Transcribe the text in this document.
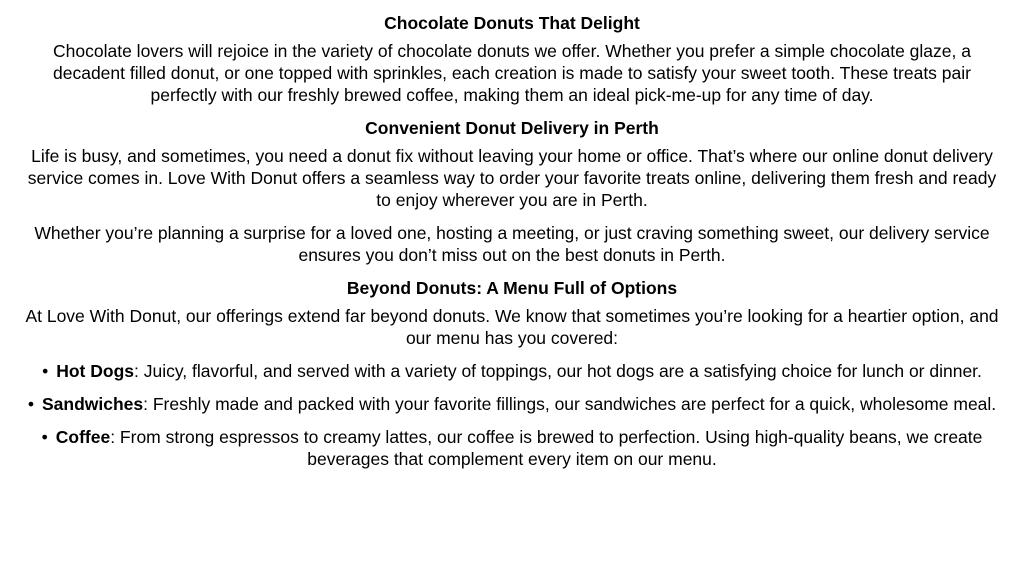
Chocolate Donuts That Delight
Chocolate lovers will rejoice in the variety of chocolate donuts we offer. Whether you prefer a simple chocolate glaze, a decadent filled donut, or one topped with sprinkles, each creation is made to satisfy your sweet tooth. These treats pair perfectly with our freshly brewed coffee, making them an ideal pick-me-up for any time of day.
Convenient Donut Delivery in Perth
Life is busy, and sometimes, you need a donut fix without leaving your home or office. That’s where our online donut delivery service comes in. Love With Donut offers a seamless way to order your favorite treats online, delivering them fresh and ready to enjoy wherever you are in Perth.
Whether you’re planning a surprise for a loved one, hosting a meeting, or just craving something sweet, our delivery service ensures you don’t miss out on the best donuts in Perth.
Beyond Donuts: A Menu Full of Options
At Love With Donut, our offerings extend far beyond donuts. We know that sometimes you’re looking for a heartier option, and our menu has you covered:
• Hot Dogs: Juicy, flavorful, and served with a variety of toppings, our hot dogs are a satisfying choice for lunch or dinner.
• Sandwiches: Freshly made and packed with your favorite fillings, our sandwiches are perfect for a quick, wholesome meal.
• Coffee: From strong espressos to creamy lattes, our coffee is brewed to perfection. Using high-quality beans, we create beverages that complement every item on our menu.
